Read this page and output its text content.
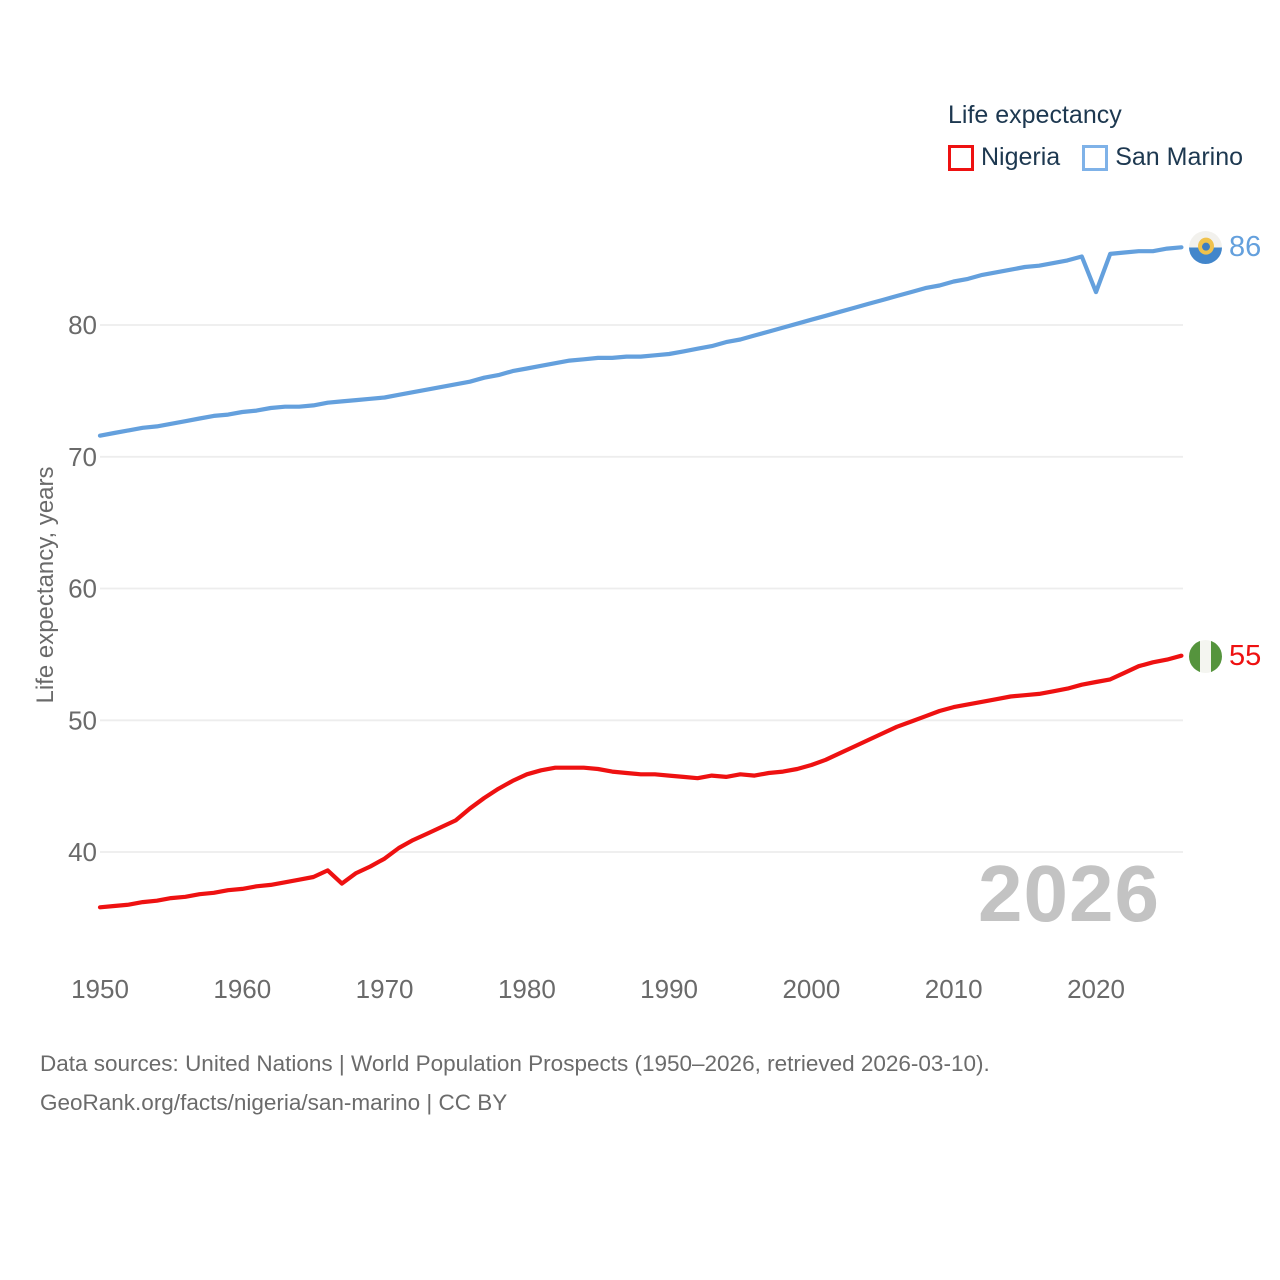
40
50
60
70
80
1950	1960	1970	1980	1990	2000	2010	2020
Life expectancy, years
Life expectancy
Nigeria San Marino
86
55
2026
Data sources: United Nations | World Population Prospects (1950–2026, retrieved 2026-03-10).
GeoRank.org/facts/nigeria/san-marino | CC BY
